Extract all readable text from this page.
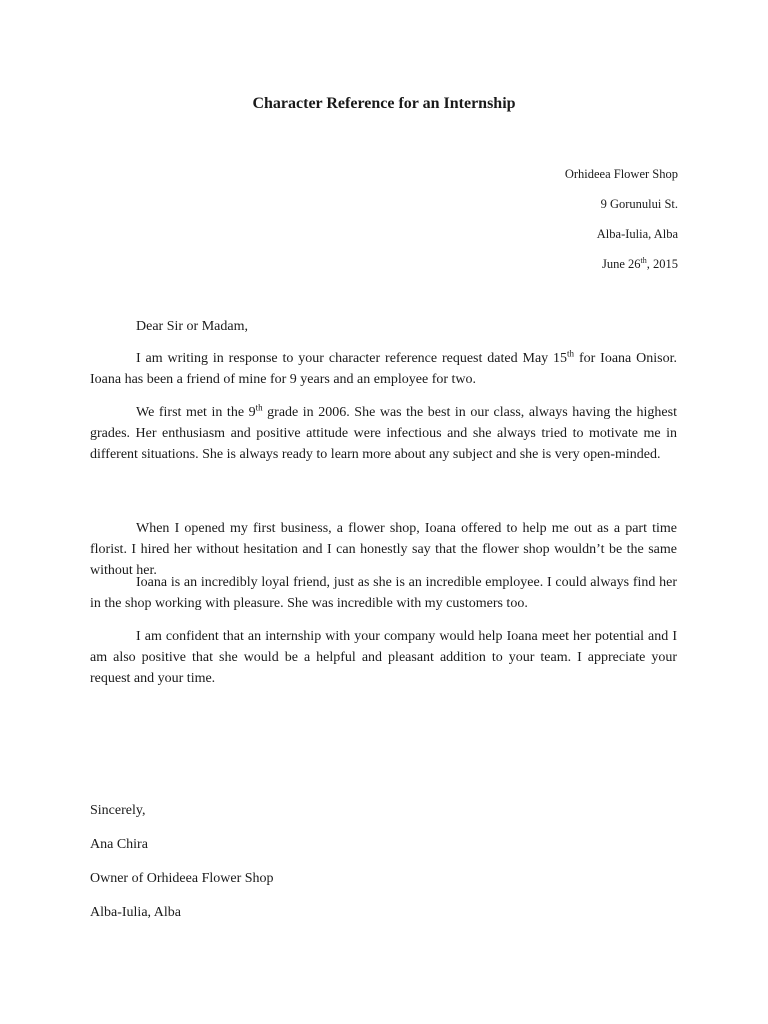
Character Reference for an Internship
Orhideea Flower Shop
9 Gorunului St.
Alba-Iulia, Alba
June 26th, 2015
Dear Sir or Madam,

I am writing in response to your character reference request dated May 15th for Ioana Onisor. Ioana has been a friend of mine for 9 years and an employee for two.

We first met in the 9th grade in 2006. She was the best in our class, always having the highest grades. Her enthusiasm and positive attitude were infectious and she always tried to motivate me in different situations. She is always ready to learn more about any subject and she is very open-minded.

When I opened my first business, a flower shop, Ioana offered to help me out as a part time florist. I hired her without hesitation and I can honestly say that the flower shop wouldn’t be the same without her.

Ioana is an incredibly loyal friend, just as she is an incredible employee. I could always find her in the shop working with pleasure. She was incredible with my customers too.

I am confident that an internship with your company would help Ioana meet her potential and I am also positive that she would be a helpful and pleasant addition to your team. I appreciate your request and your time.

Sincerely,
Ana Chira
Owner of Orhideea Flower Shop
Alba-Iulia, Alba
